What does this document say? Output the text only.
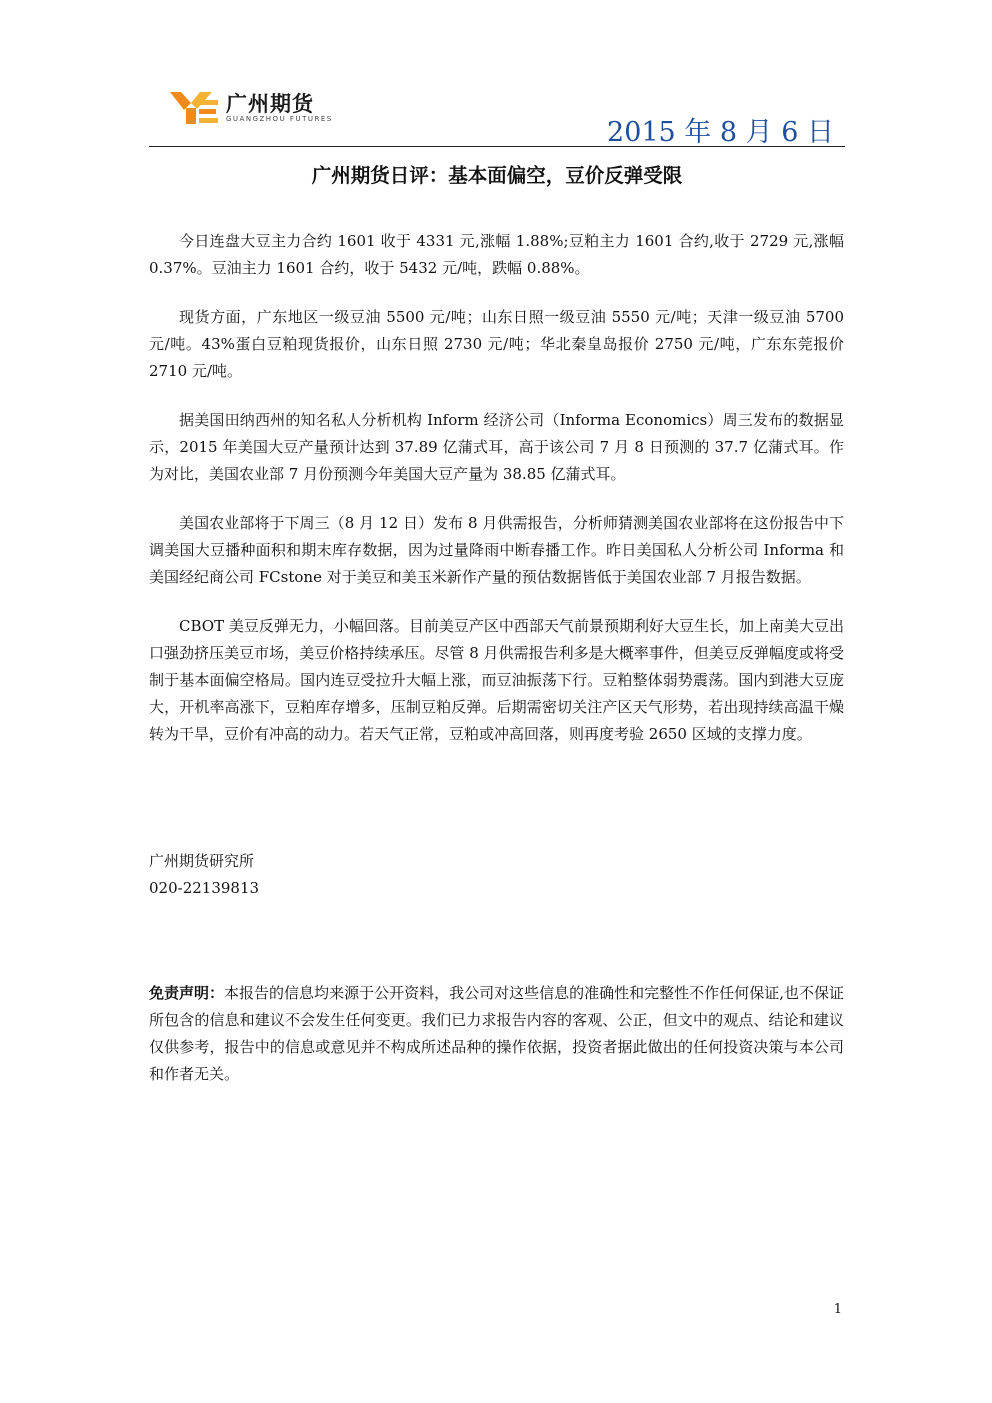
广州期货
GUANGZHOU FUTURES	2015 年 8 月 6 日
广州期货日评：基本面偏空，豆价反弹受限

今日连盘大豆主力合约 1601 收于 4331 元,涨幅 1.88%;豆粕主力 1601 合约,收于 2729 元,涨幅 0.37%。豆油主力 1601 合约，收于 5432 元/吨，跌幅 0.88%。

现货方面，广东地区一级豆油 5500 元/吨；山东日照一级豆油 5550 元/吨；天津一级豆油 5700 元/吨。43%蛋白豆粕现货报价，山东日照 2730 元/吨；华北秦皇岛报价 2750 元/吨，广东东莞报价 2710 元/吨。

据美国田纳西州的知名私人分析机构 Inform 经济公司（Informa Economics）周三发布的数据显示，2015 年美国大豆产量预计达到 37.89 亿蒲式耳，高于该公司 7 月 8 日预测的 37.7 亿蒲式耳。作为对比，美国农业部 7 月份预测今年美国大豆产量为 38.85 亿蒲式耳。

美国农业部将于下周三（8 月 12 日）发布 8 月供需报告，分析师猜测美国农业部将在这份报告中下调美国大豆播种面积和期末库存数据，因为过量降雨中断春播工作。昨日美国私人分析公司 Informa 和美国经纪商公司 FCstone 对于美豆和美玉米新作产量的预估数据皆低于美国农业部 7 月报告数据。

CBOT 美豆反弹无力，小幅回落。目前美豆产区中西部天气前景预期利好大豆生长，加上南美大豆出口强劲挤压美豆市场，美豆价格持续承压。尽管 8 月供需报告利多是大概率事件，但美豆反弹幅度或将受制于基本面偏空格局。国内连豆受拉升大幅上涨，而豆油振荡下行。豆粕整体弱势震荡。国内到港大豆庞大，开机率高涨下，豆粕库存增多，压制豆粕反弹。后期需密切关注产区天气形势，若出现持续高温干燥转为干旱，豆价有冲高的动力。若天气正常，豆粕或冲高回落，则再度考验 2650 区域的支撑力度。

广州期货研究所
020-22139813
免责声明：本报告的信息均来源于公开资料，我公司对这些信息的准确性和完整性不作任何保证,也不保证所包含的信息和建议不会发生任何变更。我们已力求报告内容的客观、公正，但文中的观点、结论和建议仅供参考，报告中的信息或意见并不构成所述品种的操作依据，投资者据此做出的任何投资决策与本公司和作者无关。
1
